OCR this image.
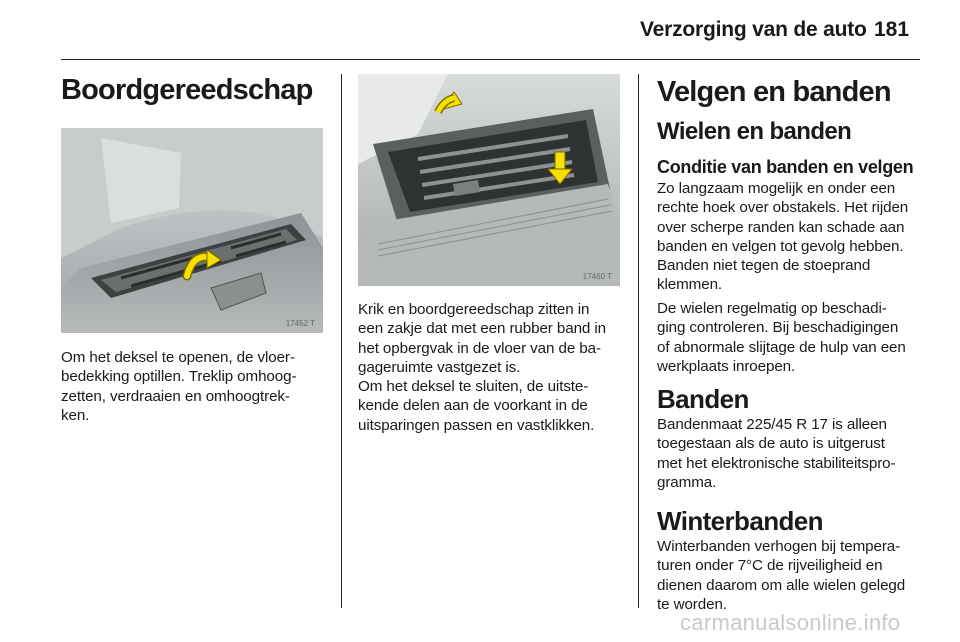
Verzorging van de auto 181
Boordgereedschap
17452 T

Om het deksel te openen, de vloer-
bedekking optillen. Treklip omhoog-
zetten, verdraaien en omhoogtrek-
ken.

17460 T

Krik en boordgereedschap zitten in
een zakje dat met een rubber band in
het opbergvak in de vloer van de ba-
gageruimte vastgezet is.

Om het deksel te sluiten, de uitste-
kende delen aan de voorkant in de
uitsparingen passen en vastklikken.

Velgen en banden
Wielen en banden
Conditie van banden en velgen

Zo langzaam mogelijk en onder een
rechte hoek over obstakels. Het rijden
over scherpe randen kan schade aan
banden en velgen tot gevolg hebben.
Banden niet tegen de stoeprand
klemmen.

De wielen regelmatig op beschadi-
ging controleren. Bij beschadigingen
of abnormale slijtage de hulp van een
werkplaats inroepen.

Banden

Bandenmaat 225/45 R 17 is alleen
toegestaan als de auto is uitgerust
met het elektronische stabiliteitspro-
gramma.

Winterbanden

Winterbanden verhogen bij tempera-
turen onder 7°C de rijveiligheid en
dienen daarom om alle wielen gelegd
te worden.

carmanualsonline.info
